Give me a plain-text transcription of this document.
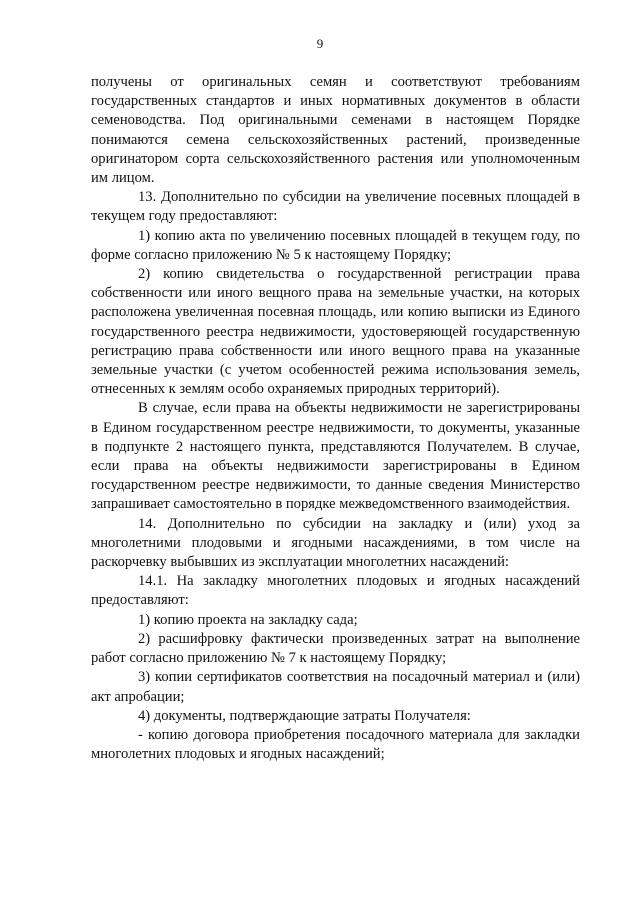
9

получены от оригинальных семян и соответствуют требованиям государственных стандартов и иных нормативных документов в области семеноводства. Под оригинальными семенами в настоящем Порядке понимаются семена сельскохозяйственных растений, произведенные оригинатором сорта сельскохозяйственного растения или уполномоченным им лицом.

13. Дополнительно по субсидии на увеличение посевных площадей в текущем году предоставляют:

1) копию акта по увеличению посевных площадей в текущем году, по форме согласно приложению № 5 к настоящему Порядку;

2) копию свидетельства о государственной регистрации права собственности или иного вещного права на земельные участки, на которых расположена увеличенная посевная площадь, или копию выписки из Единого государственного реестра недвижимости, удостоверяющей государственную регистрацию права собственности или иного вещного права на указанные земельные участки (с учетом особенностей режима использования земель, отнесенных к землям особо охраняемых природных территорий).

В случае, если права на объекты недвижимости не зарегистрированы в Едином государственном реестре недвижимости, то документы, указанные в подпункте 2 настоящего пункта, представляются Получателем. В случае, если права на объекты недвижимости зарегистрированы в Едином государственном реестре недвижимости, то данные сведения Министерство запрашивает самостоятельно в порядке межведомственного взаимодействия.

14. Дополнительно по субсидии на закладку и (или) уход за многолетними плодовыми и ягодными насаждениями, в том числе на раскорчевку выбывших из эксплуатации многолетних насаждений:

14.1. На закладку многолетних плодовых и ягодных насаждений предоставляют:

1) копию проекта на закладку сада;

2) расшифровку фактически произведенных затрат на выполнение работ согласно приложению № 7 к настоящему Порядку;

3) копии сертификатов соответствия на посадочный материал и (или) акт апробации;

4) документы, подтверждающие затраты Получателя:

- копию договора приобретения посадочного материала для закладки многолетних плодовых и ягодных насаждений;
